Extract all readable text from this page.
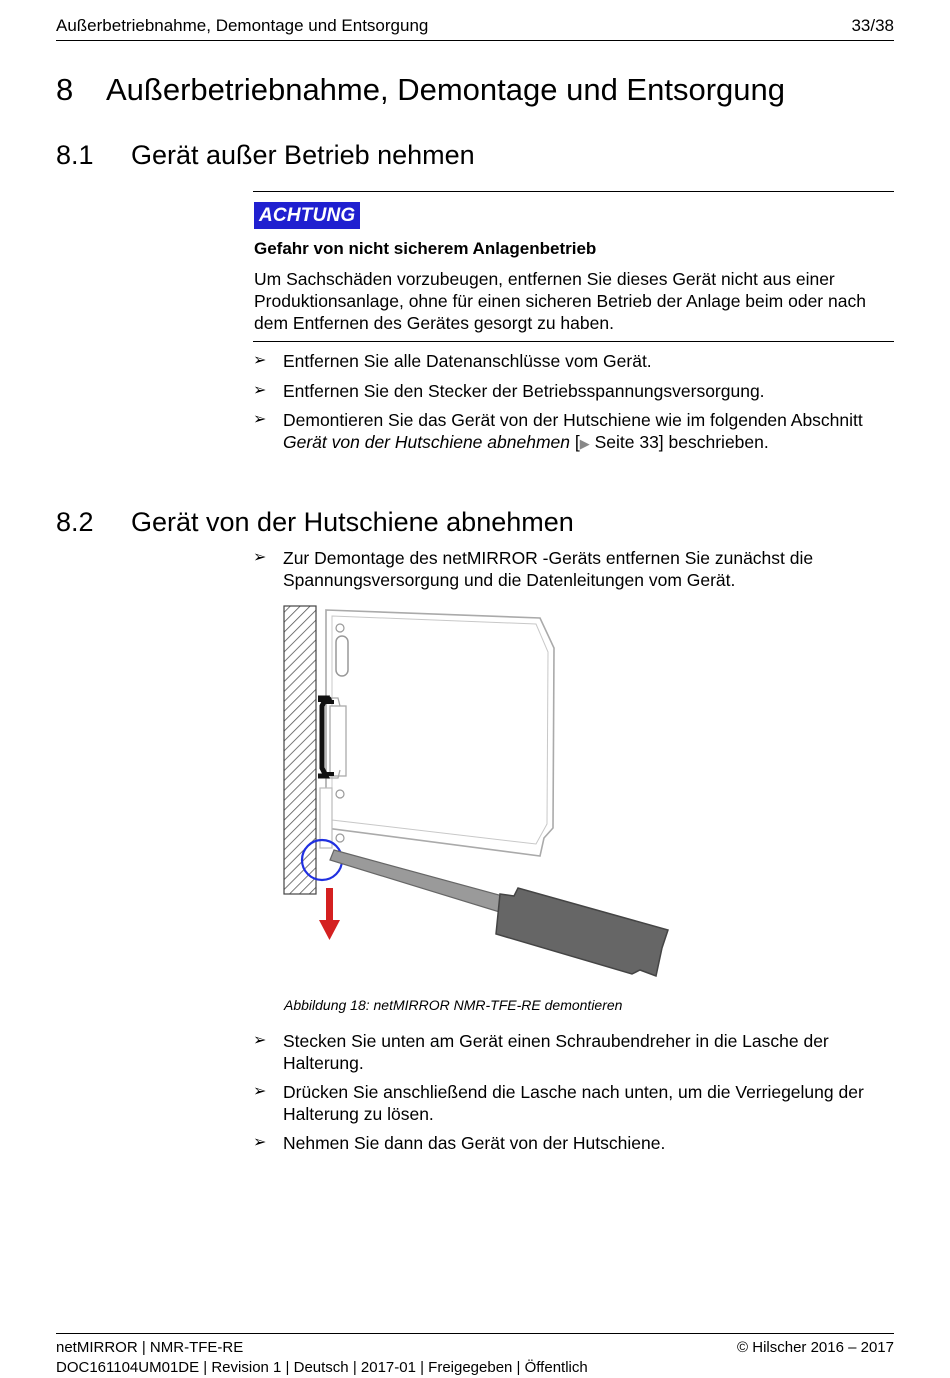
Außerbetriebnahme, Demontage und Entsorgung	33/38
8 Außerbetriebnahme, Demontage und Entsorgung
8.1 Gerät außer Betrieb nehmen
ACHTUNG
Gefahr von nicht sicherem Anlagenbetrieb
Um Sachschäden vorzubeugen, entfernen Sie dieses Gerät nicht aus einer Produktionsanlage, ohne für einen sicheren Betrieb der Anlage beim oder nach dem Entfernen des Gerätes gesorgt zu haben.
➢ Entfernen Sie alle Datenanschlüsse vom Gerät.
➢ Entfernen Sie den Stecker der Betriebsspannungsversorgung.
➢ Demontieren Sie das Gerät von der Hutschiene wie im folgenden Abschnitt Gerät von der Hutschiene abnehmen [▶ Seite 33] beschrieben.
8.2 Gerät von der Hutschiene abnehmen
➢ Zur Demontage des netMIRROR -Geräts entfernen Sie zunächst die Spannungsversorgung und die Datenleitungen vom Gerät.
Abbildung 18: netMIRROR NMR-TFE-RE demontieren
➢ Stecken Sie unten am Gerät einen Schraubendreher in die Lasche der Halterung.
➢ Drücken Sie anschließend die Lasche nach unten, um die Verriegelung der Halterung zu lösen.
➢ Nehmen Sie dann das Gerät von der Hutschiene.
netMIRROR | NMR-TFE-RE	© Hilscher 2016 – 2017
DOC161104UM01DE | Revision 1 | Deutsch | 2017-01 | Freigegeben | Öffentlich
